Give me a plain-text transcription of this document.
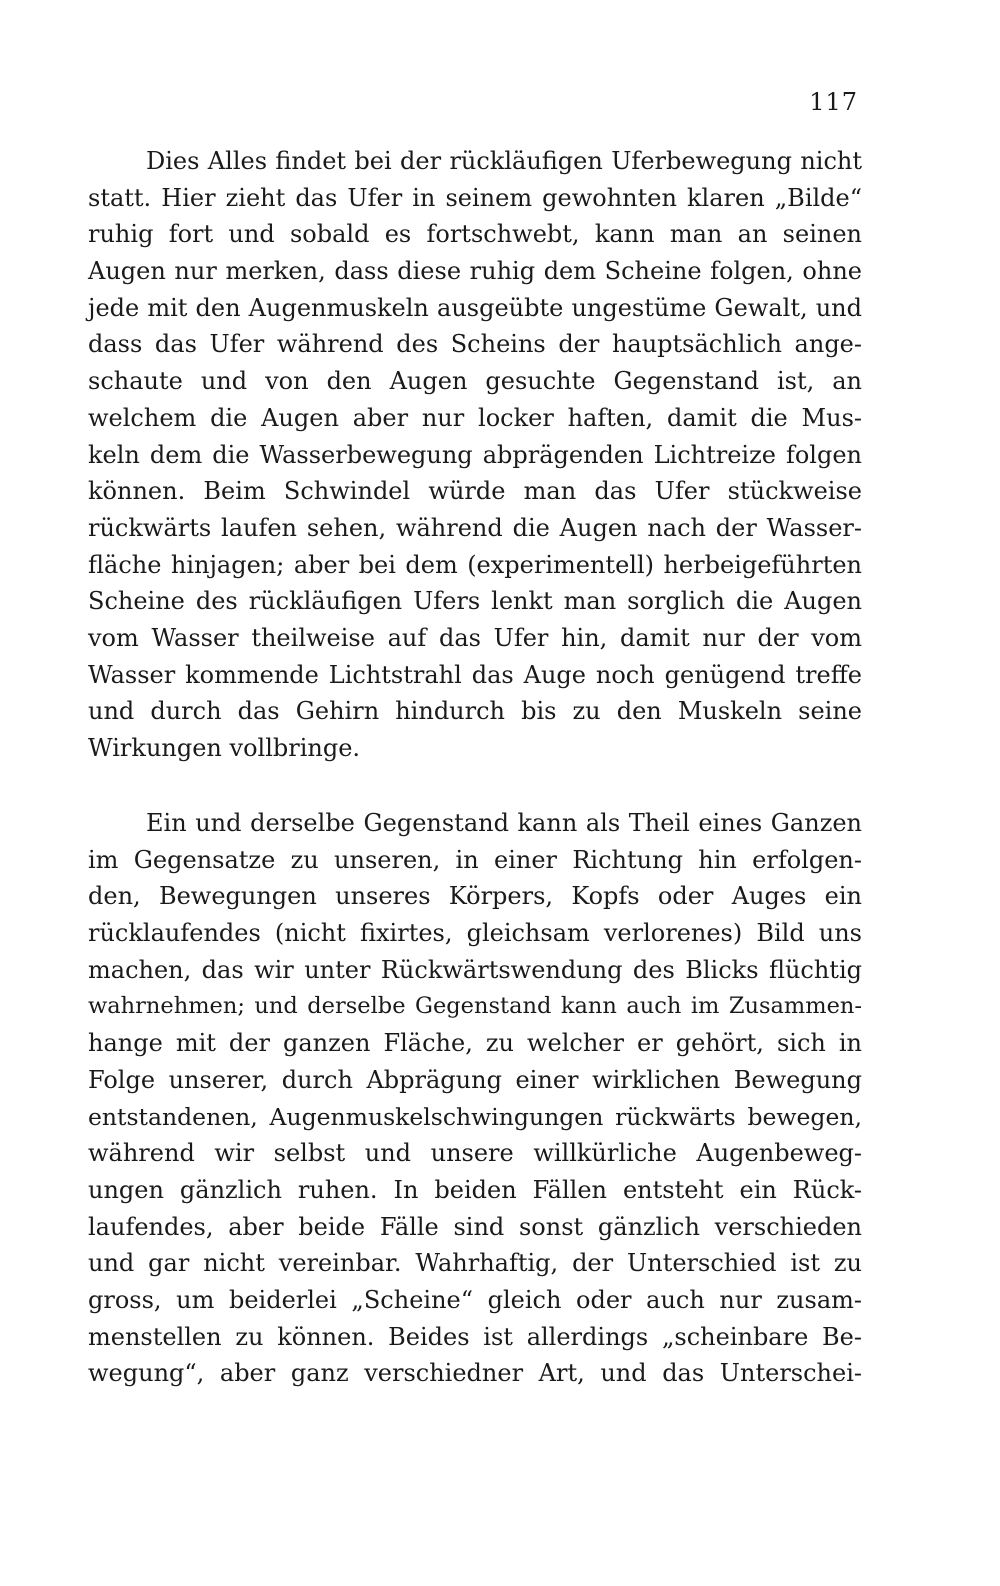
117
Dies Alles findet bei der rückläufigen Uferbewegung nicht
statt. Hier zieht das Ufer in seinem gewohnten klaren „Bilde“
ruhig fort und sobald es fortschwebt, kann man an seinen
Augen nur merken, dass diese ruhig dem Scheine folgen, ohne
jede mit den Augenmuskeln ausgeübte ungestüme Gewalt, und
dass das Ufer während des Scheins der hauptsächlich ange-
schaute und von den Augen gesuchte Gegenstand ist, an
welchem die Augen aber nur locker haften, damit die Mus-
keln dem die Wasserbewegung abprägenden Lichtreize folgen
können. Beim Schwindel würde man das Ufer stückweise
rückwärts laufen sehen, während die Augen nach der Wasser-
fläche hinjagen; aber bei dem (experimentell) herbeigeführten
Scheine des rückläufigen Ufers lenkt man sorglich die Augen
vom Wasser theilweise auf das Ufer hin, damit nur der vom
Wasser kommende Lichtstrahl das Auge noch genügend treffe
und durch das Gehirn hindurch bis zu den Muskeln seine
Wirkungen vollbringe.
Ein und derselbe Gegenstand kann als Theil eines Ganzen
im Gegensatze zu unseren, in einer Richtung hin erfolgen-
den, Bewegungen unseres Körpers, Kopfs oder Auges ein
rücklaufendes (nicht fixirtes, gleichsam verlorenes) Bild uns
machen, das wir unter Rückwärtswendung des Blicks flüchtig
wahrnehmen; und derselbe Gegenstand kann auch im Zusammen-
hange mit der ganzen Fläche, zu welcher er gehört, sich in
Folge unserer, durch Abprägung einer wirklichen Bewegung
entstandenen, Augenmuskelschwingungen rückwärts bewegen,
während wir selbst und unsere willkürliche Augenbeweg-
ungen gänzlich ruhen. In beiden Fällen entsteht ein Rück-
laufendes, aber beide Fälle sind sonst gänzlich verschieden
und gar nicht vereinbar. Wahrhaftig, der Unterschied ist zu
gross, um beiderlei „Scheine“ gleich oder auch nur zusam-
menstellen zu können. Beides ist allerdings „scheinbare Be-
wegung“, aber ganz verschiedner Art, und das Unterschei-
